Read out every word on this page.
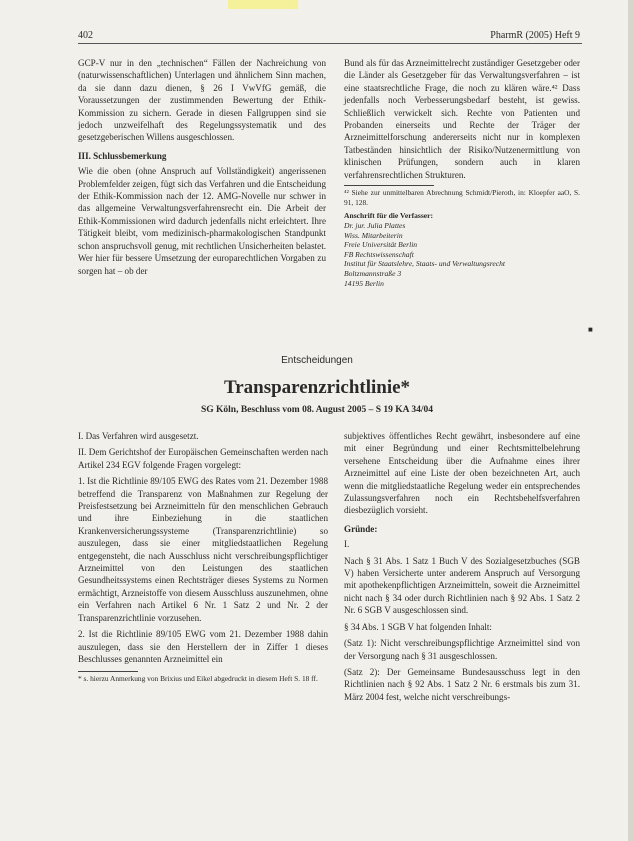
402	PharmR (2005) Heft 9

GCP-V nur in den „technischen“ Fällen der Nachreichung von (naturwissenschaftlichen) Unterlagen und ähnlichem Sinn machen, da sie dann dazu dienen, § 26 I VwVfG gemäß, die Voraussetzungen der zustimmenden Bewertung der Ethik-Kommission zu sichern. Gerade in diesen Fallgruppen sind sie jedoch unzweifelhaft des Regelungssystematik und des gesetzgeberischen Willens ausgeschlossen.

III. Schlussbemerkung

Wie die oben (ohne Anspruch auf Vollständigkeit) angerissenen Problemfelder zeigen, fügt sich das Verfahren und die Entscheidung der Ethik-Kommission nach der 12. AMG-Novelle nur schwer in das allgemeine Verwaltungsverfahrensrecht ein. Die Arbeit der Ethik-Kommissionen wird dadurch jedenfalls nicht erleichtert. Ihre Tätigkeit bleibt, vom medizinisch-pharmakologischen Standpunkt schon anspruchsvoll genug, mit rechtlichen Unsicherheiten belastet. Wer hier für bessere Umsetzung der europarechtlichen Vorgaben zu sorgen hat – ob der

Bund als für das Arzneimittelrecht zuständiger Gesetzgeber oder die Länder als Gesetzgeber für das Verwaltungsverfahren – ist eine staatsrechtliche Frage, die noch zu klären wäre.⁴² Dass jedenfalls noch Verbesserungsbedarf besteht, ist gewiss. Schließlich verwickelt sich. Rechte von Patienten und Probanden einerseits und Rechte der Träger der Arzneimittelforschung andererseits nicht nur in komplexen Tatbeständen hinsichtlich der Risiko/Nutzenermittlung von klinischen Prüfungen, sondern auch in klaren verfahrensrechtlichen Strukturen.

⁴² Siehe zur unmittelbaren Abrechnung Schmidt/Pieroth, in: Kloepfer aaO, S. 91, 128.

Anschrift für die Verfasser:
Dr. jur. Julia Plattes
Wiss. Mitarbeiterin
Freie Universität Berlin
FB Rechtswissenschaft
Institut für Staatslehre, Staats- und Verwaltungsrecht
Boltzmannstraße 3
14195 Berlin
■
Entscheidungen
Transparenzrichtlinie*
SG Köln, Beschluss vom 08. August 2005 – S 19 KA 34/04

I. Das Verfahren wird ausgesetzt.

II. Dem Gerichtshof der Europäischen Gemeinschaften werden nach Artikel 234 EGV folgende Fragen vorgelegt:

1. Ist die Richtlinie 89/105 EWG des Rates vom 21. Dezember 1988 betreffend die Transparenz von Maßnahmen zur Regelung der Preisfestsetzung bei Arzneimitteln für den menschlichen Gebrauch und ihre Einbeziehung in die staatlichen Krankenversicherungssysteme (Transparenzrichtlinie) so auszulegen, dass sie einer mitgliedstaatlichen Regelung entgegensteht, die nach Ausschluss nicht verschreibungspflichtiger Arzneimittel von den Leistungen des staatlichen Gesundheitssystems einen Rechtsträger dieses Systems zu Normen ermächtigt, Arzneistoffe von diesem Ausschluss auszunehmen, ohne ein Verfahren nach Artikel 6 Nr. 1 Satz 2 und Nr. 2 der Transparenzrichtlinie vorzusehen.

2. Ist die Richtlinie 89/105 EWG vom 21. Dezember 1988 dahin auszulegen, dass sie den Herstellern der in Ziffer 1 dieses Beschlusses genannten Arzneimittel ein

* s. hierzu Anmerkung von Brixius und Eikel abgedruckt in diesem Heft S. 18 ff.

subjektives öffentliches Recht gewährt, insbesondere auf eine mit einer Begründung und einer Rechtsmittelbelehrung versehene Entscheidung über die Aufnahme eines ihrer Arzneimittel auf eine Liste der oben bezeichneten Art, auch wenn die mitgliedstaatliche Regelung weder ein entsprechendes Zulassungsverfahren noch ein Rechtsbehelfsverfahren diesbezüglich vorsieht.

Gründe:

I.

Nach § 31 Abs. 1 Satz 1 Buch V des Sozialgesetzbuches (SGB V) haben Versicherte unter anderem Anspruch auf Versorgung mit apothekenpflichtigen Arzneimitteln, soweit die Arzneimittel nicht nach § 34 oder durch Richtlinien nach § 92 Abs. 1 Satz 2 Nr. 6 SGB V ausgeschlossen sind.

§ 34 Abs. 1 SGB V hat folgenden Inhalt:

(Satz 1): Nicht verschreibungspflichtige Arzneimittel sind von der Versorgung nach § 31 ausgeschlossen.

(Satz 2): Der Gemeinsame Bundesausschuss legt in den Richtlinien nach § 92 Abs. 1 Satz 2 Nr. 6 erstmals bis zum 31. März 2004 fest, welche nicht verschreibungs-
